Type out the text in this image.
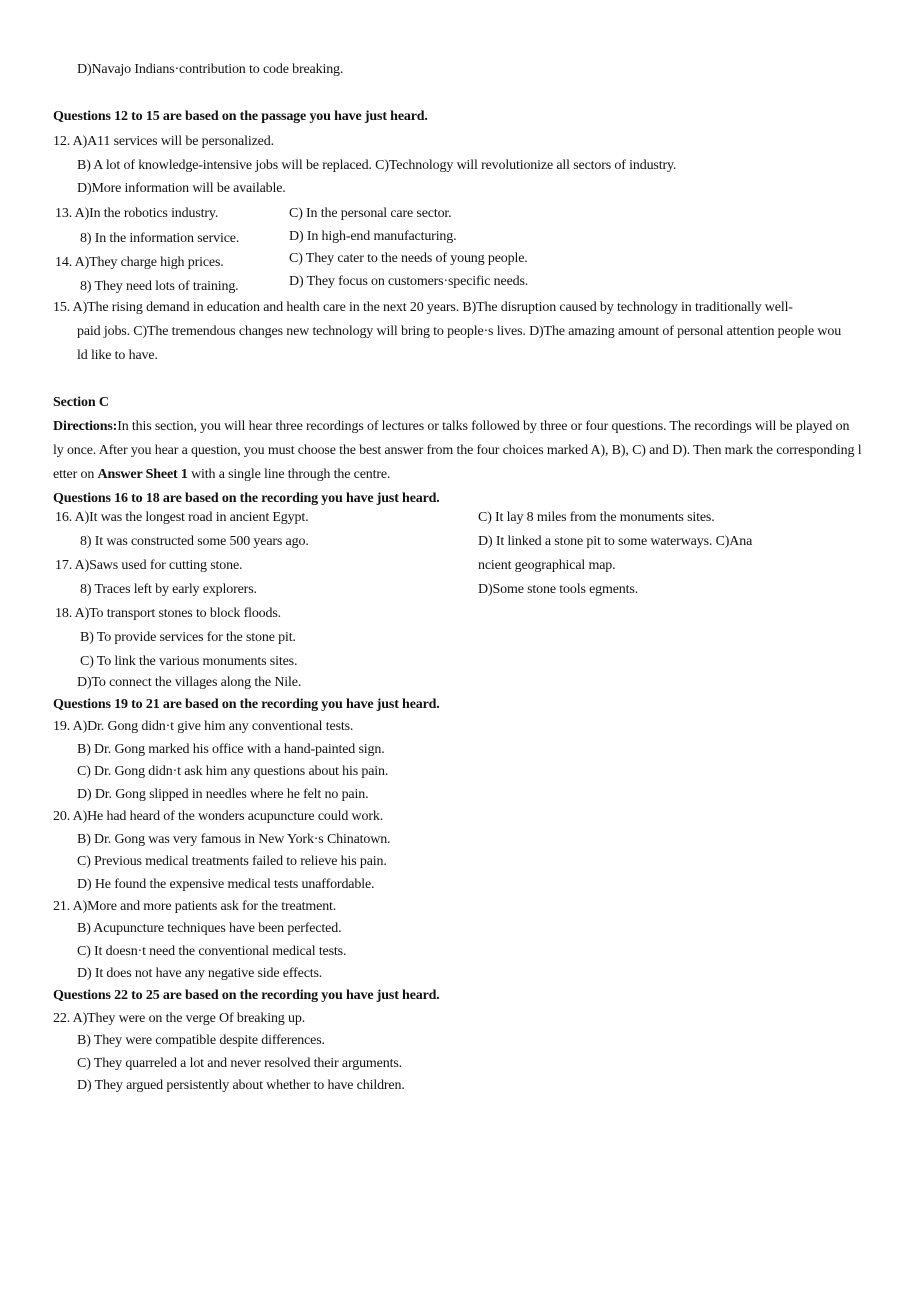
D)Navajo Indians·contribution to code breaking.
Questions 12 to 15 are based on the passage you have just heard.
12. A)A11 services will be personalized.
B) A lot of knowledge-intensive jobs will be replaced. C)Technology will revolutionize all sectors of industry.
D)More information will be available.
13. A)In the robotics industry.
8) In the information service.
C) In the personal care sector.
D) In high-end manufacturing.
14. A)They charge high prices.
8) They need lots of training.
C) They cater to the needs of young people.
D) They focus on customers·specific needs.
15. A)The rising demand in education and health care in the next 20 years. B)The disruption caused by technology in traditionally well-
paid jobs. C)The tremendous changes new technology will bring to people·s lives. D)The amazing amount of personal attention people wou
ld like to have.
Section C
Directions:In this section, you will hear three recordings of lectures or talks followed by three or four questions. The recordings will be played on
ly once. After you hear a question, you must choose the best answer from the four choices marked A), B), C) and D). Then mark the corresponding l
etter on Answer Sheet 1 with a single line through the centre.
Questions 16 to 18 are based on the recording you have just heard.
16. A)It was the longest road in ancient Egypt.
8) It was constructed some 500 years ago.
C) It lay 8 miles from the monuments sites.
D) It linked a stone pit to some waterways. C)Ana
17. A)Saws used for cutting stone.
8) Traces left by early explorers.
ncient geographical map.
D)Some stone tools egments.
18. A)To transport stones to block floods.
B) To provide services for the stone pit.
C) To link the various monuments sites.
D)To connect the villages along the Nile.
Questions 19 to 21 are based on the recording you have just heard.
19. A)Dr. Gong didn·t give him any conventional tests.
B) Dr. Gong marked his office with a hand-painted sign.
C) Dr. Gong didn·t ask him any questions about his pain.
D) Dr. Gong slipped in needles where he felt no pain.
20. A)He had heard of the wonders acupuncture could work.
B) Dr. Gong was very famous in New York·s Chinatown.
C) Previous medical treatments failed to relieve his pain.
D) He found the expensive medical tests unaffordable.
21. A)More and more patients ask for the treatment.
B) Acupuncture techniques have been perfected.
C) It doesn·t need the conventional medical tests.
D) It does not have any negative side effects.
Questions 22 to 25 are based on the recording you have just heard.
22. A)They were on the verge Of breaking up.
B) They were compatible despite differences.
C) They quarreled a lot and never resolved their arguments.
D) They argued persistently about whether to have children.
